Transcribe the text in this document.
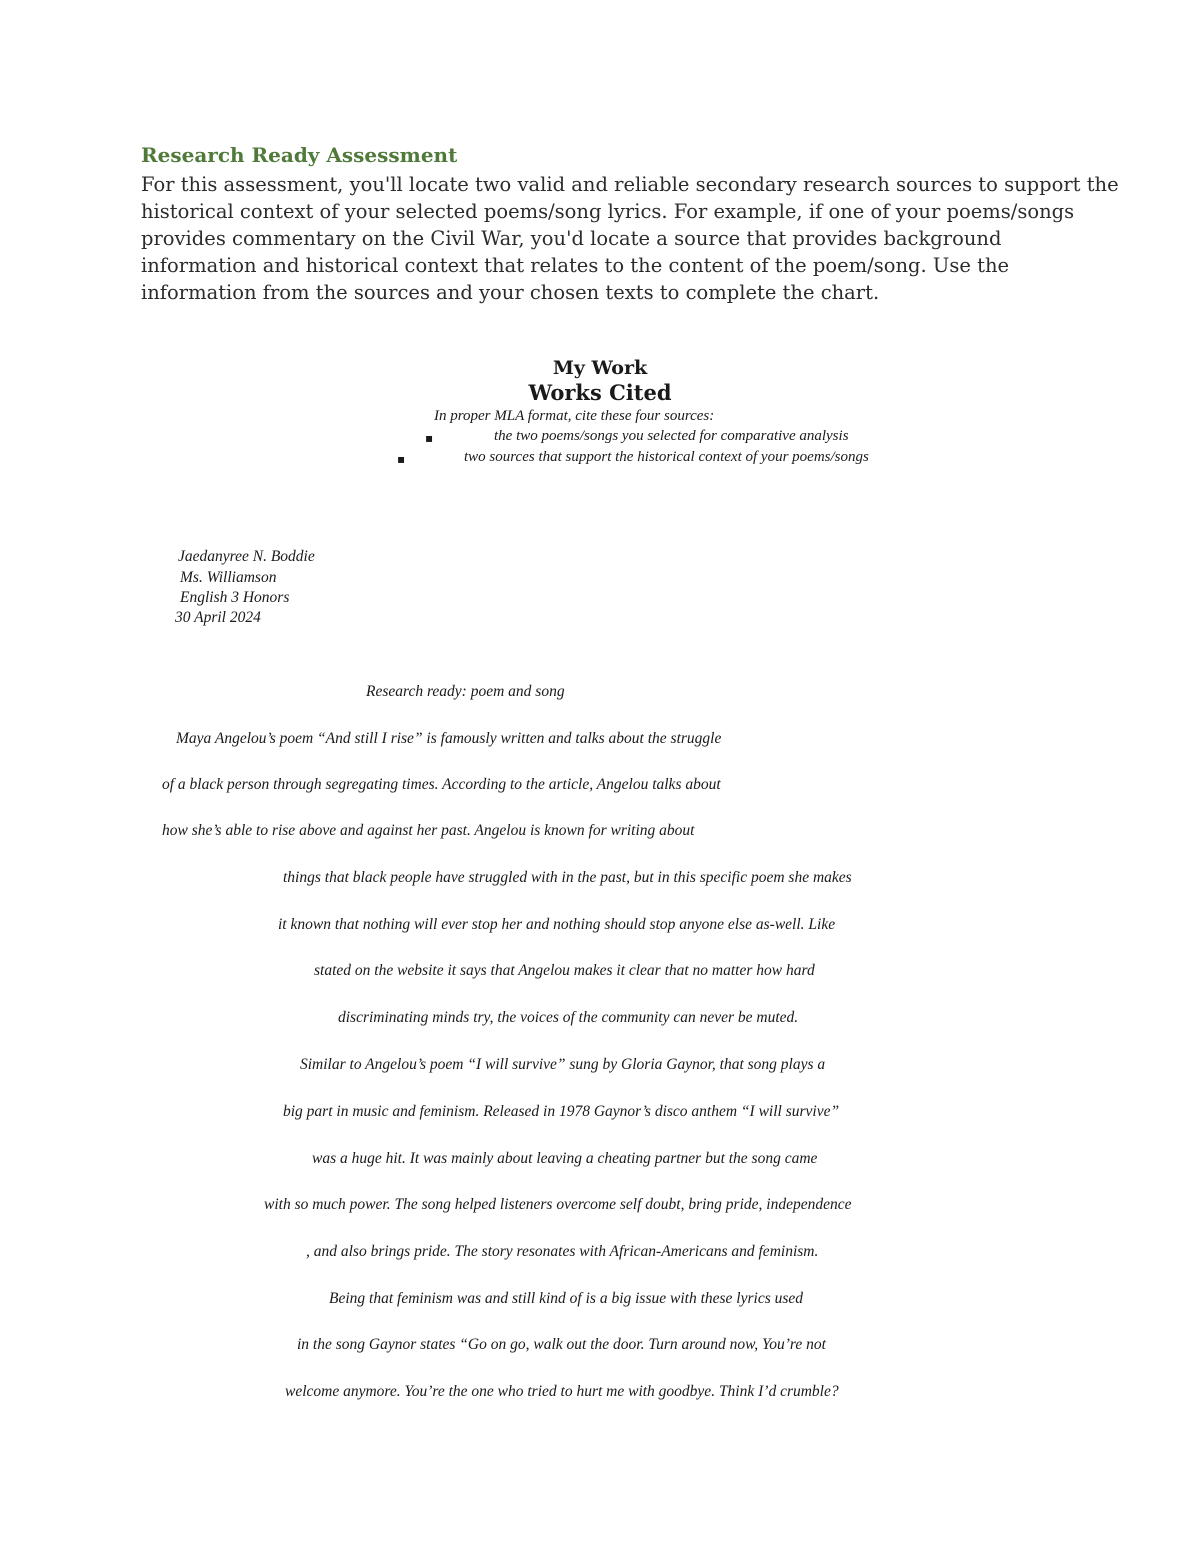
Research Ready Assessment
For this assessment, you'll locate two valid and reliable secondary research sources to support the
historical context of your selected poems/song lyrics. For example, if one of your poems/songs
provides commentary on the Civil War, you'd locate a source that provides background
information and historical context that relates to the content of the poem/song. Use the
information from the sources and your chosen texts to complete the chart.
My Work
Works Cited
In proper MLA format, cite these four sources:
▪	the two poems/songs you selected for comparative analysis
▪	two sources that support the historical context of your poems/songs
Jaedanyree N. Boddie
Ms. Williamson
English 3 Honors
30 April 2024
Research ready: poem and song
Maya Angelou’s poem “And still I rise” is famously written and talks about the struggle
of a black person through segregating times. According to the article, Angelou talks about
how she’s able to rise above and against her past. Angelou is known for writing about
things that black people have struggled with in the past, but in this specific poem she makes
it known that nothing will ever stop her and nothing should stop anyone else as-well. Like
stated on the website it says that Angelou makes it clear that no matter how hard
discriminating minds try, the voices of the community can never be muted.
Similar to Angelou’s poem “I will survive” sung by Gloria Gaynor, that song plays a
big part in music and feminism. Released in 1978 Gaynor’s disco anthem “I will survive”
was a huge hit. It was mainly about leaving a cheating partner but the song came
with so much power. The song helped listeners overcome self doubt, bring pride, independence
, and also brings pride. The story resonates with African-Americans and feminism.
Being that feminism was and still kind of is a big issue with these lyrics used
in the song Gaynor states “Go on go, walk out the door. Turn around now, You’re not
welcome anymore. You’re the one who tried to hurt me with goodbye. Think I’d crumble?
